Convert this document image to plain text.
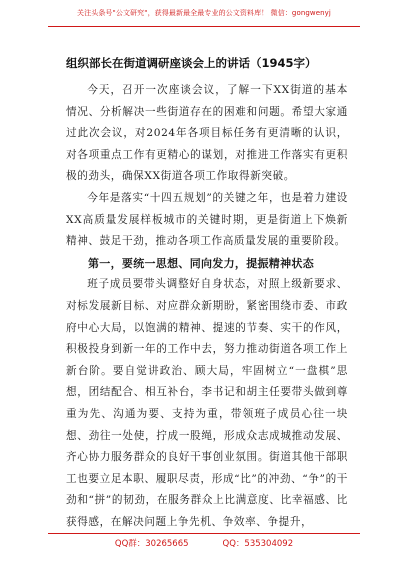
关注头条号"公文研究"，获得最新最全最专业的公文资料库！ 微信：gongwenyj
组织部长在街道调研座谈会上的讲话（1945字）

今天，召开一次座谈会议，了解一下XX街道的基本情况、分析解决一些街道存在的困难和问题。希望大家通过此次会议，对2024年各项目标任务有更清晰的认识，对各项重点工作有更精心的谋划，对推进工作落实有更积极的劲头，确保XX街道各项工作取得新突破。

今年是落实“十四五规划”的关键之年，也是着力建设XX高质量发展样板城市的关键时期，更是街道上下焕新精神、鼓足干劲，推动各项工作高质量发展的重要阶段。

第一，要统一思想、同向发力，提振精神状态

班子成员要带头调整好自身状态，对照上级新要求、对标发展新目标、对应群众新期盼，紧密围绕市委、市政府中心大局，以饱满的精神、提速的节奏、实干的作风，积极投身到新一年的工作中去，努力推动街道各项工作上新台阶。要自觉讲政治、顾大局，牢固树立“一盘棋”思想，团结配合、相互补台，李书记和胡主任要带头做到尊重为先、沟通为要、支持为重，带领班子成员心往一块想、劲往一处使，拧成一股绳，形成众志成城推动发展、齐心协力服务群众的良好干事创业氛围。街道其他干部职工也要立足本职、履职尽责，形成“比”的冲劲、“争”的干劲和“拼”的韧劲，在服务群众上比满意度、比幸福感、比获得感，在解决问题上争先机、争效率、争提升，

QQ群：30265665	QQ：535304092
